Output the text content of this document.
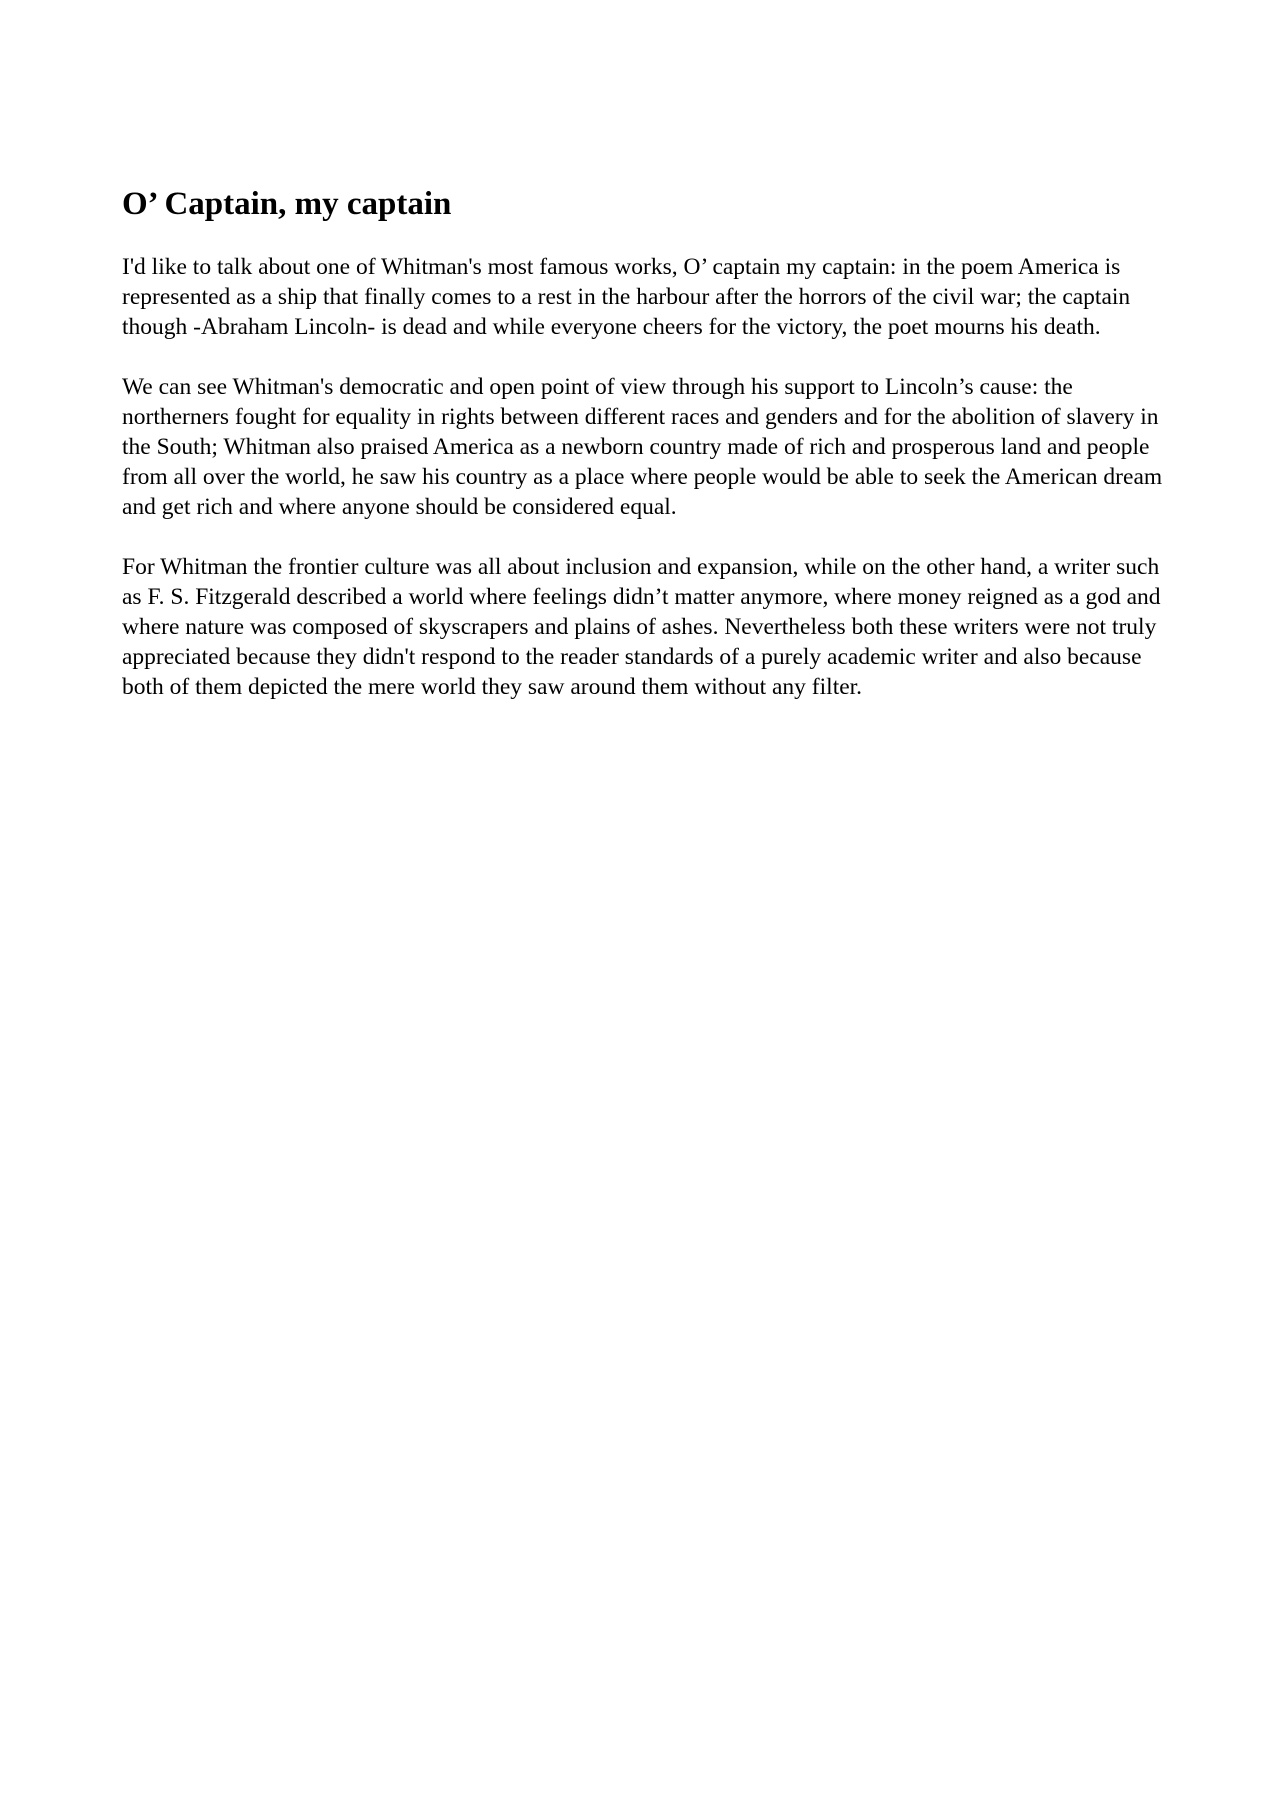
O’ Captain, my captain

I'd like to talk about one of Whitman's most famous works, O’ captain my captain: in the poem America is represented as a ship that finally comes to a rest in the harbour after the horrors of the civil war; the captain though -Abraham Lincoln- is dead and while everyone cheers for the victory, the poet mourns his death.

We can see Whitman's democratic and open point of view through his support to Lincoln’s cause: the northerners fought for equality in rights between different races and genders and for the abolition of slavery in the South; Whitman also praised America as a newborn country made of rich and prosperous land and people from all over the world, he saw his country as a place where people would be able to seek the American dream and get rich and where anyone should be considered equal.

For Whitman the frontier culture was all about inclusion and expansion, while on the other hand, a writer such as F. S. Fitzgerald described a world where feelings didn’t matter anymore, where money reigned as a god and where nature was composed of skyscrapers and plains of ashes. Nevertheless both these writers were not truly appreciated because they didn't respond to the reader standards of a purely academic writer and also because both of them depicted the mere world they saw around them without any filter.
